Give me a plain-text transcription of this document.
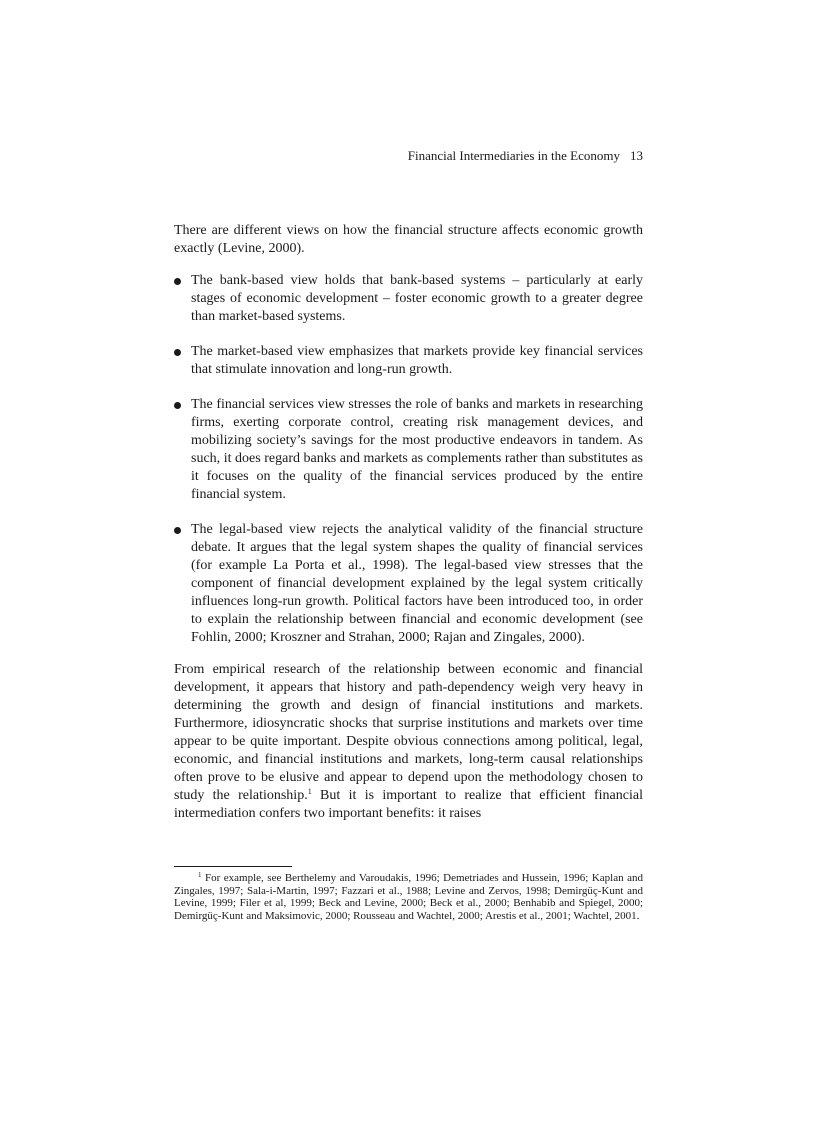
Financial Intermediaries in the Economy 13

There are different views on how the financial structure affects economic growth exactly (Levine, 2000).

The bank-based view holds that bank-based systems – particularly at early stages of economic development – foster economic growth to a greater degree than market-based systems.
The market-based view emphasizes that markets provide key financial services that stimulate innovation and long-run growth.
The financial services view stresses the role of banks and markets in researching firms, exerting corporate control, creating risk management devices, and mobilizing society’s savings for the most productive endeavors in tandem. As such, it does regard banks and markets as complements rather than substitutes as it focuses on the quality of the financial services produced by the entire financial system.
The legal-based view rejects the analytical validity of the financial structure debate. It argues that the legal system shapes the quality of financial services (for example La Porta et al., 1998). The legal-based view stresses that the component of financial development explained by the legal system critically influences long-run growth. Political factors have been introduced too, in order to explain the relationship between financial and economic development (see Fohlin, 2000; Kroszner and Strahan, 2000; Rajan and Zingales, 2000).

From empirical research of the relationship between economic and financial development, it appears that history and path-dependency weigh very heavy in determining the growth and design of financial institutions and markets. Furthermore, idiosyncratic shocks that surprise institutions and markets over time appear to be quite important. Despite obvious connections among political, legal, economic, and financial institutions and markets, long-term causal relationships often prove to be elusive and appear to depend upon the methodology chosen to study the relationship.$^1$ But it is important to realize that efficient financial intermediation confers two important benefits: it raises

$^1$ For example, see Berthelemy and Varoudakis, 1996; Demetriades and Hussein, 1996; Kaplan and Zingales, 1997; Sala-i-Martin, 1997; Fazzari et al., 1988; Levine and Zervos, 1998; Demirgüç-Kunt and Levine, 1999; Filer et al, 1999; Beck and Levine, 2000; Beck et al., 2000; Benhabib and Spiegel, 2000; Demirgüç-Kunt and Maksimovic, 2000; Rousseau and Wachtel, 2000; Arestis et al., 2001; Wachtel, 2001.
